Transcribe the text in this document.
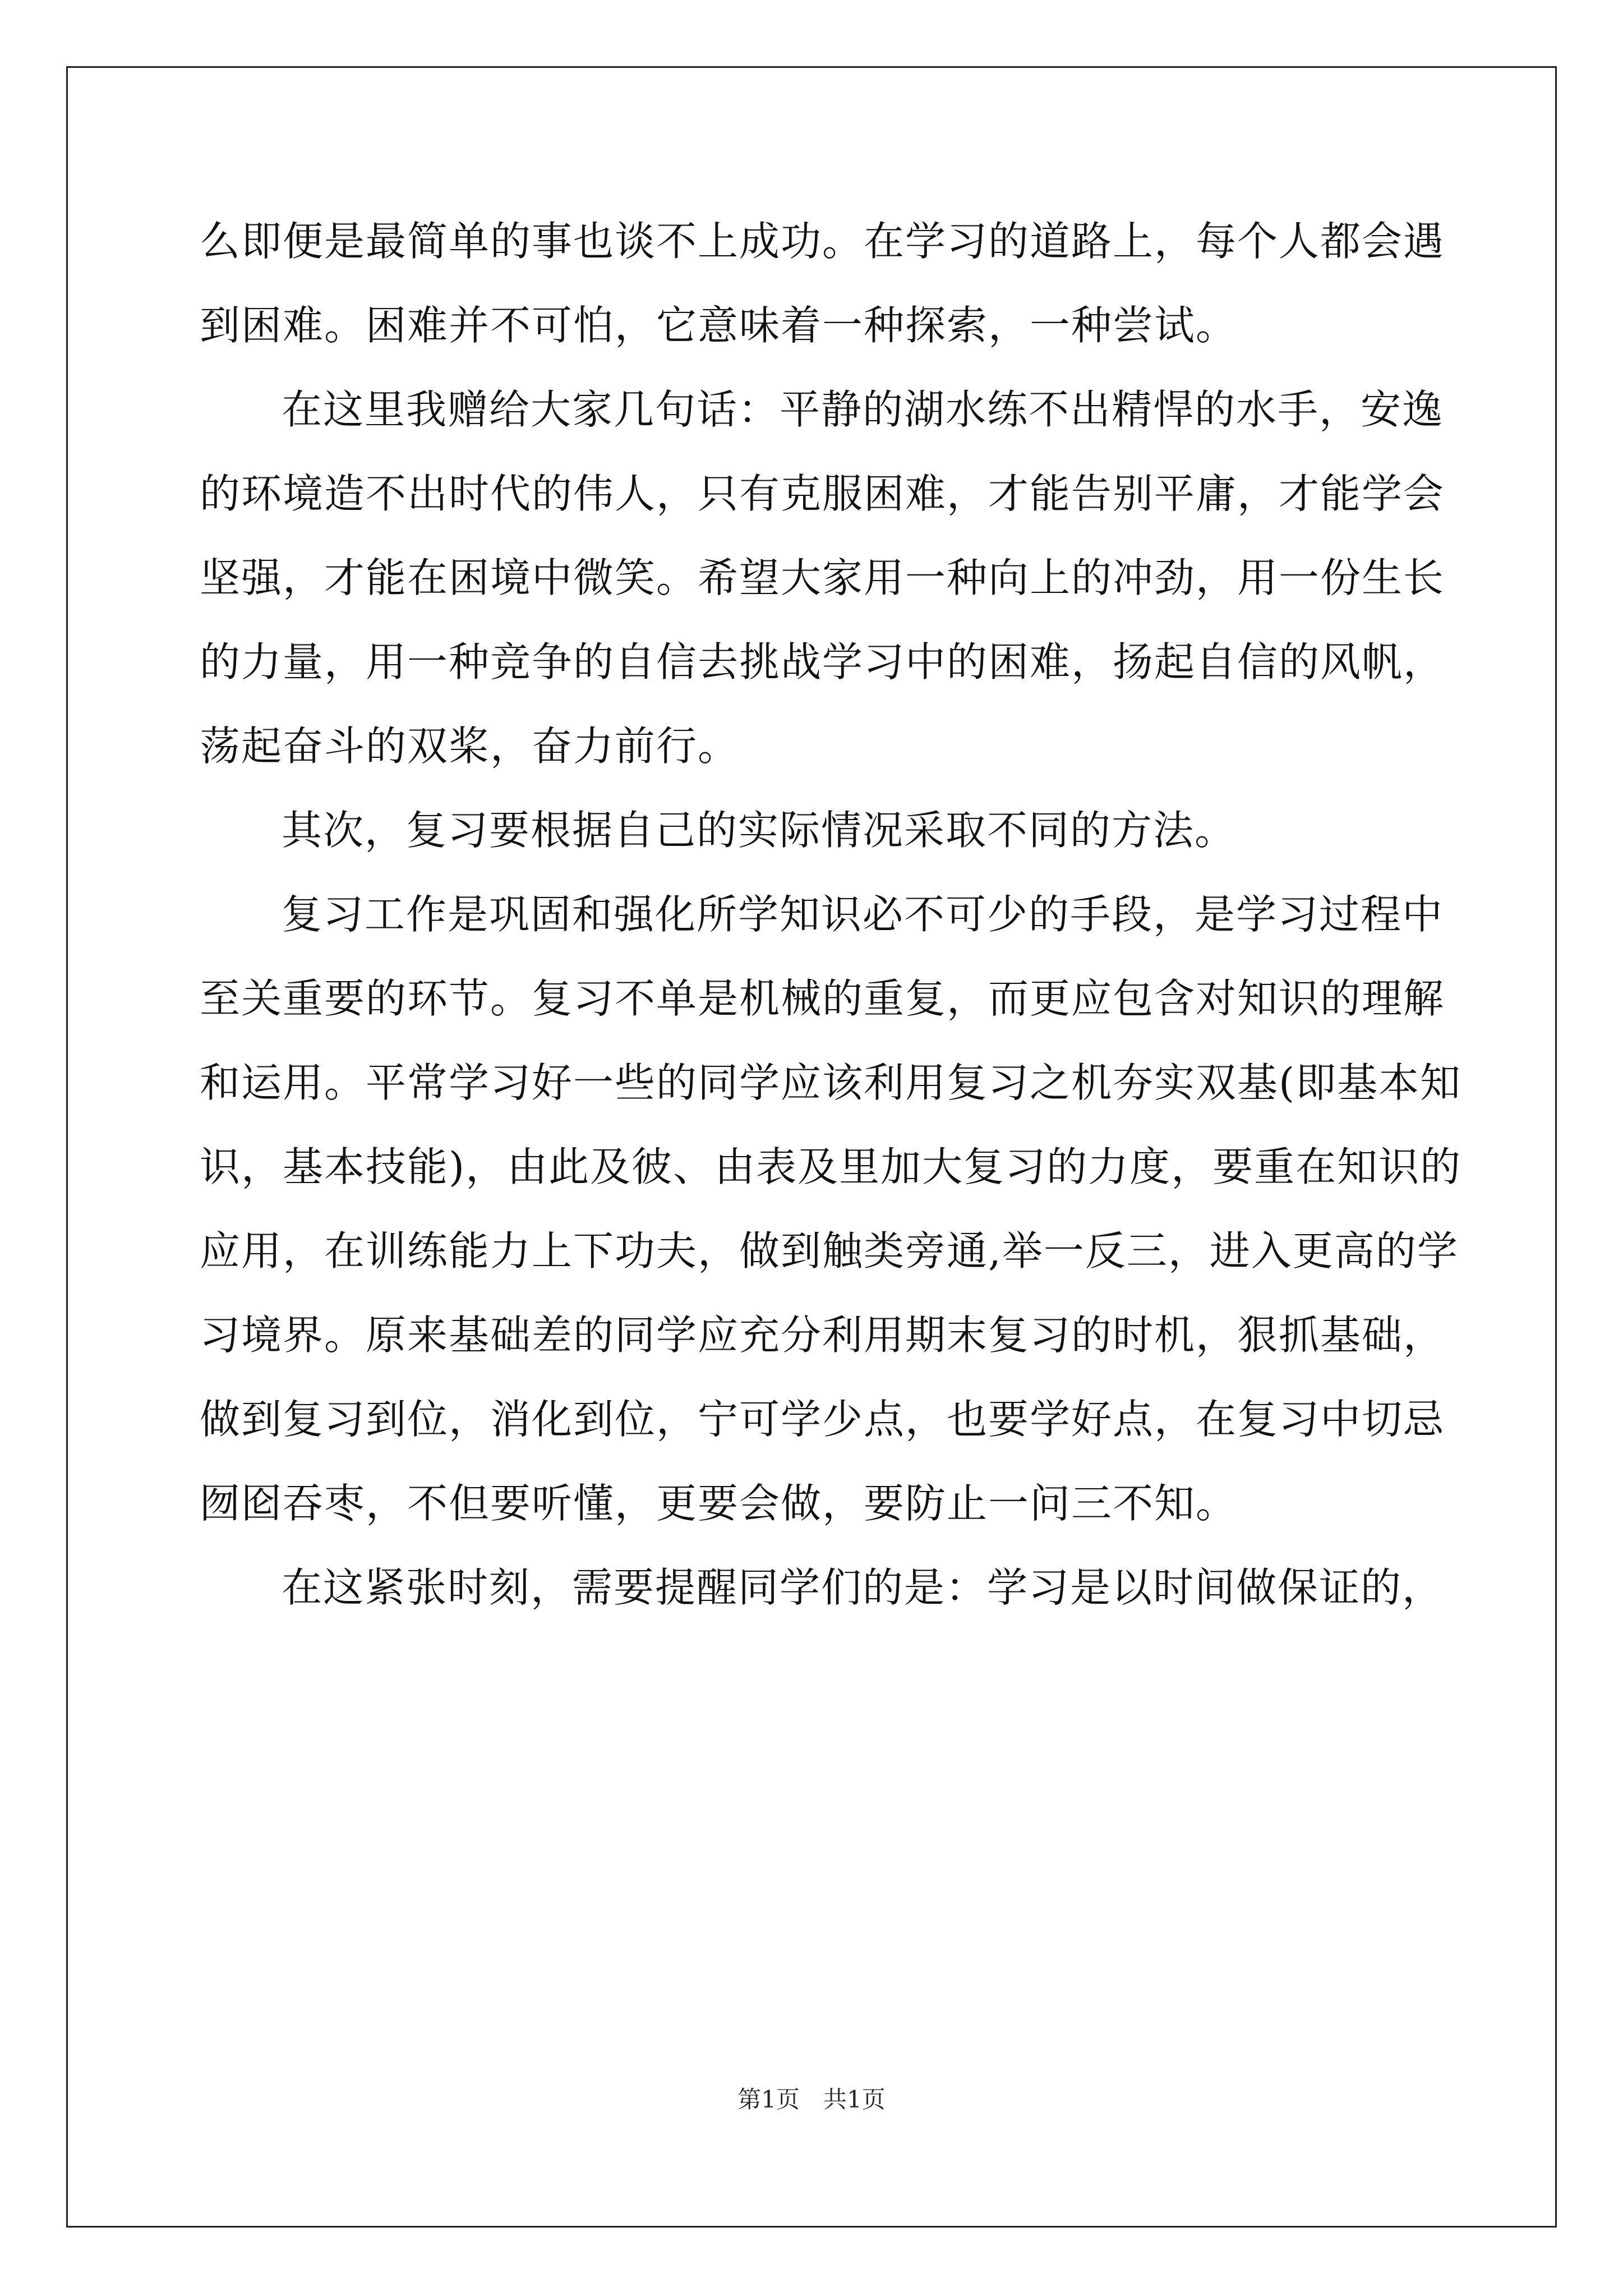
么即便是最简单的事也谈不上成功。在学习的道路上，每个人都会遇
到困难。困难并不可怕，它意味着一种探索，一种尝试。
在这里我赠给大家几句话：平静的湖水练不出精悍的水手，安逸
的环境造不出时代的伟人，只有克服困难，才能告别平庸，才能学会
坚强，才能在困境中微笑。希望大家用一种向上的冲劲，用一份生长
的力量，用一种竞争的自信去挑战学习中的困难，扬起自信的风帆，
荡起奋斗的双桨，奋力前行。
其次，复习要根据自己的实际情况采取不同的方法。
复习工作是巩固和强化所学知识必不可少的手段，是学习过程中
至关重要的环节。复习不单是机械的重复，而更应包含对知识的理解
和运用。平常学习好一些的同学应该利用复习之机夯实双基(即基本知
识，基本技能)，由此及彼、由表及里加大复习的力度，要重在知识的
应用，在训练能力上下功夫，做到触类旁通,举一反三，进入更高的学
习境界。原来基础差的同学应充分利用期末复习的时机，狠抓基础，
做到复习到位，消化到位，宁可学少点，也要学好点，在复习中切忌
囫囵吞枣，不但要听懂，更要会做，要防止一问三不知。
在这紧张时刻，需要提醒同学们的是：学习是以时间做保证的，
第1页　共1页
